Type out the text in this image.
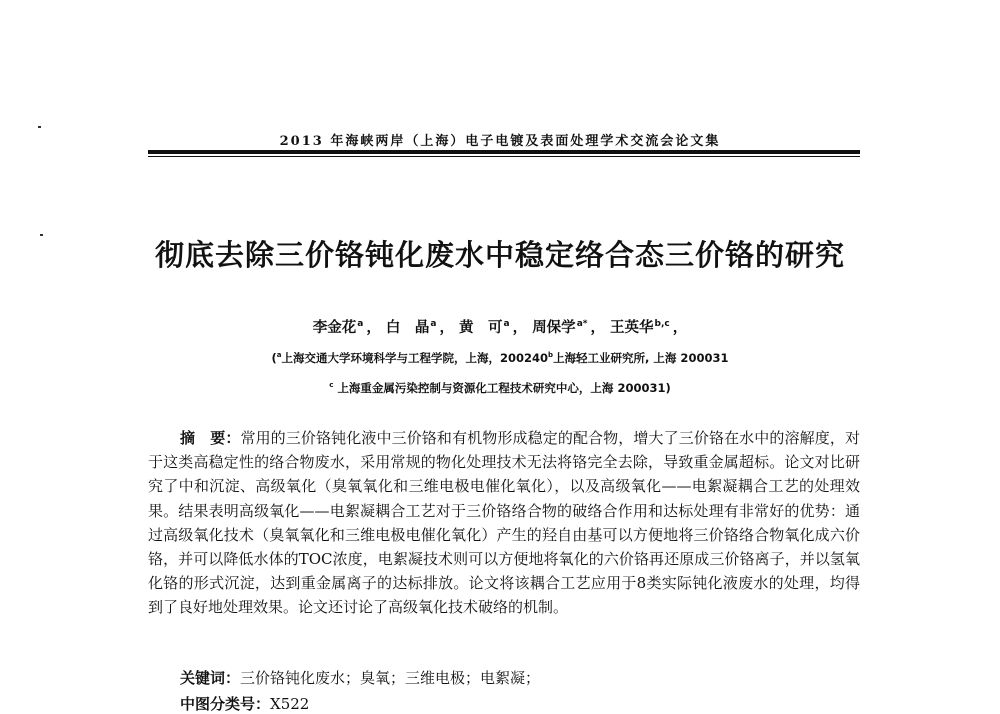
2013 年海峡两岸（上海）电子电镀及表面处理学术交流会论文集
彻底去除三价铬钝化废水中稳定络合态三价铬的研究
李金花$^a$ ， 白　晶$^a$ ， 黄　可$^a$ ， 周保学$^{a*}$ ， 王英华$^{b,c}$ ，
($^a$上海交通大学环境科学与工程学院，上海，200240$^b$上海轻工业研究所, 上海 200031
$^c$ 上海重金属污染控制与资源化工程技术研究中心，上海 200031)

摘　要：常用的三价铬钝化液中三价铬和有机物形成稳定的配合物，增大了三价铬在水中的溶解度，对于这类高稳定性的络合物废水，采用常规的物化处理技术无法将铬完全去除，导致重金属超标。论文对比研究了中和沉淀、高级氧化（臭氧氧化和三维电极电催化氧化），以及高级氧化——电絮凝耦合工艺的处理效果。结果表明高级氧化——电絮凝耦合工艺对于三价铬络合物的破络合作用和达标处理有非常好的优势：通过高级氧化技术（臭氧氧化和三维电极电催化氧化）产生的羟自由基可以方便地将三价铬络合物氧化成六价铬，并可以降低水体的TOC浓度，电絮凝技术则可以方便地将氧化的六价铬再还原成三价铬离子，并以氢氧化铬的形式沉淀，达到重金属离子的达标排放。论文将该耦合工艺应用于8类实际钝化液废水的处理，均得到了良好地处理效果。论文还讨论了高级氧化技术破络的机制。

关键词：三价铬钝化废水；臭氧；三维电极；电絮凝；
中图分类号：X522
